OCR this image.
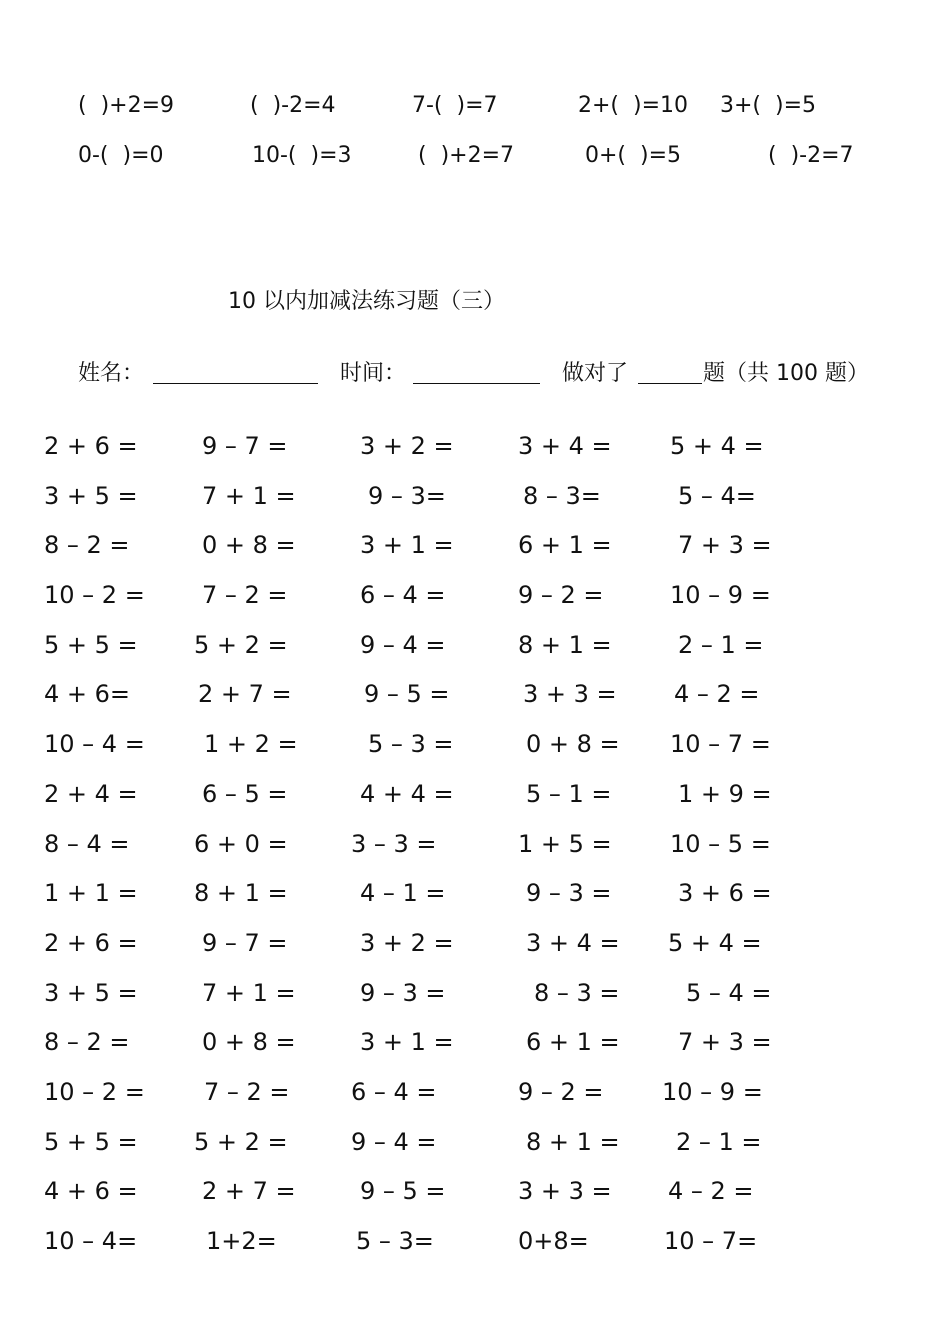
(  )+2=9	(  )-2=4	7-(  )=7	2+(  )=10 3+(  )=5
0-(  )=0	10-(  )=3	(  )+2=7	0+(  )=5	(  )-2=7
10 以内加减法练习题（三）
姓名：	时间：	做对了	题（共 100 题）
2 + 6 =	9 – 7 =	3 + 2 =	3 + 4 = 5 + 4 =
3 + 5 =	7 + 1 =	9 – 3=	8 – 3=	5 – 4=
8 – 2 =	0 + 8 =	3 + 1 =	6 + 1 =	7 + 3 =
10 – 2 = 7 – 2 =	6 – 4 =	9 – 2 =	10 – 9 =
5 + 5 = 5 + 2 =	9 – 4 =	8 + 1 =	2 – 1 =
4 + 6=	2 + 7 =	9 – 5 =	3 + 3 = 4 – 2 =
10 – 4 = 1 + 2 =	5 – 3 =	0 + 8 = 10 – 7 =
2 + 4 =	6 – 5 =	4 + 4 =	5 – 1 =	1 + 9 =
8 – 4 =	6 + 0 =	3 – 3 =	1 + 5 = 10 – 5 =
1 + 1 = 8 + 1 =	4 – 1 =	9 – 3 =	3 + 6 =
2 + 6 =	9 – 7 =	3 + 2 =	3 + 4 = 5 + 4 =
3 + 5 =	7 + 1 =	9 – 3 =	8 – 3 =	5 – 4 =
8 – 2 =	0 + 8 =	3 + 1 =	6 + 1 = 7 + 3 =
10 – 2 = 7 – 2 =	6 – 4 =	9 – 2 = 10 – 9 =
5 + 5 = 5 + 2 =	9 – 4 =	8 + 1 = 2 – 1 =
4 + 6 =	2 + 7 =	9 – 5 =	3 + 3 = 4 – 2 =
10 – 4=	1+2=	5 – 3=	0+8=	10 – 7=
